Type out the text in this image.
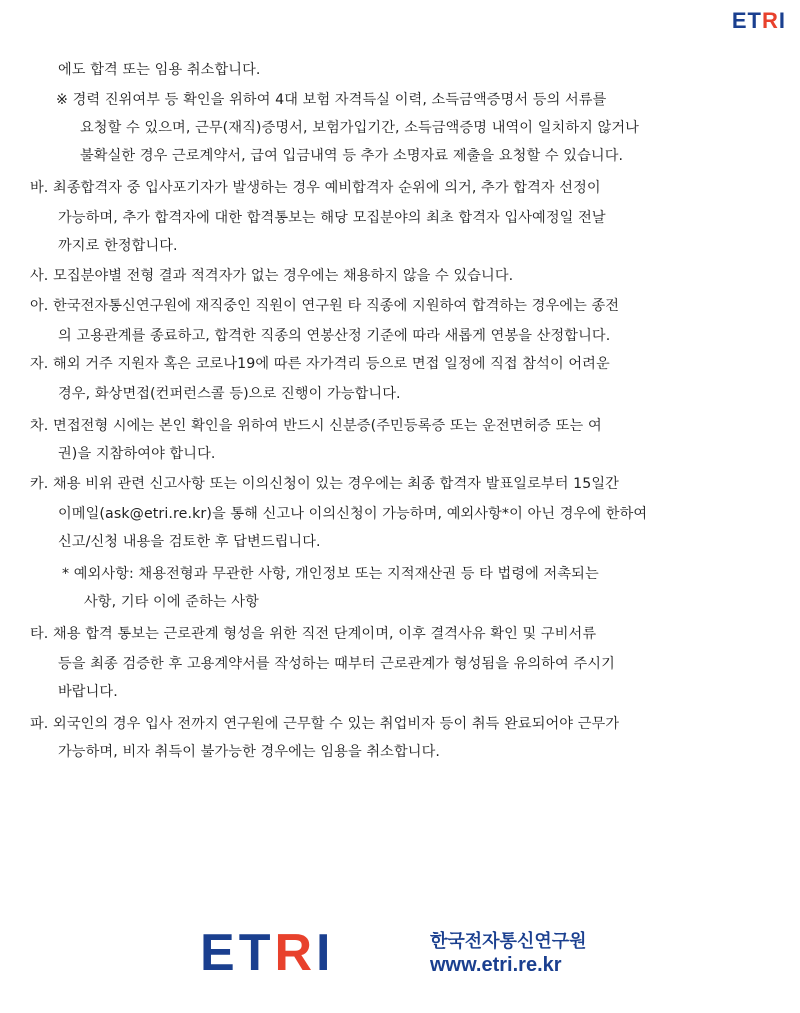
E T R I
에도 합격 또는 임용 취소합니다.
※ 경력 진위여부 등 확인을 위하여 4대 보험 자격득실 이력, 소득금액증명서 등의 서류를
요청할 수 있으며, 근무(재직)증명서, 보험가입기간, 소득금액증명 내역이 일치하지 않거나
불확실한 경우 근로계약서, 급여 입금내역 등 추가 소명자료 제출을 요청할 수 있습니다.
바. 최종합격자 중 입사포기자가 발생하는 경우 예비합격자 순위에 의거, 추가 합격자 선정이
가능하며, 추가 합격자에 대한 합격통보는 해당 모집분야의 최초 합격자 입사예정일 전날
까지로 한정합니다.
사. 모집분야별 전형 결과 적격자가 없는 경우에는 채용하지 않을 수 있습니다.
아. 한국전자통신연구원에 재직중인 직원이 연구원 타 직종에 지원하여 합격하는 경우에는 종전
의 고용관계를 종료하고, 합격한 직종의 연봉산정 기준에 따라 새롭게 연봉을 산정합니다.
자. 해외 거주 지원자 혹은 코로나19에 따른 자가격리 등으로 면접 일정에 직접 참석이 어려운
경우, 화상면접(컨퍼런스콜 등)으로 진행이 가능합니다.
차. 면접전형 시에는 본인 확인을 위하여 반드시 신분증(주민등록증 또는 운전면허증 또는 여
권)을 지참하여야 합니다.
카. 채용 비위 관련 신고사항 또는 이의신청이 있는 경우에는 최종 합격자 발표일로부터 15일간
이메일(ask@etri.re.kr)을 통해 신고나 이의신청이 가능하며, 예외사항*이 아닌 경우에 한하여
신고/신청 내용을 검토한 후 답변드립니다.
* 예외사항: 채용전형과 무관한 사항, 개인정보 또는 지적재산권 등 타 법령에 저촉되는
사항, 기타 이에 준하는 사항
타. 채용 합격 통보는 근로관계 형성을 위한 직전 단계이며, 이후 결격사유 확인 및 구비서류
등을 최종 검증한 후 고용계약서를 작성하는 때부터 근로관계가 형성됨을 유의하여 주시기
바랍니다.
파. 외국인의 경우 입사 전까지 연구원에 근무할 수 있는 취업비자 등이 취득 완료되어야 근무가
가능하며, 비자 취득이 불가능한 경우에는 임용을 취소합니다.
E T R I	한국전자통신연구원
www.etri.re.kr
